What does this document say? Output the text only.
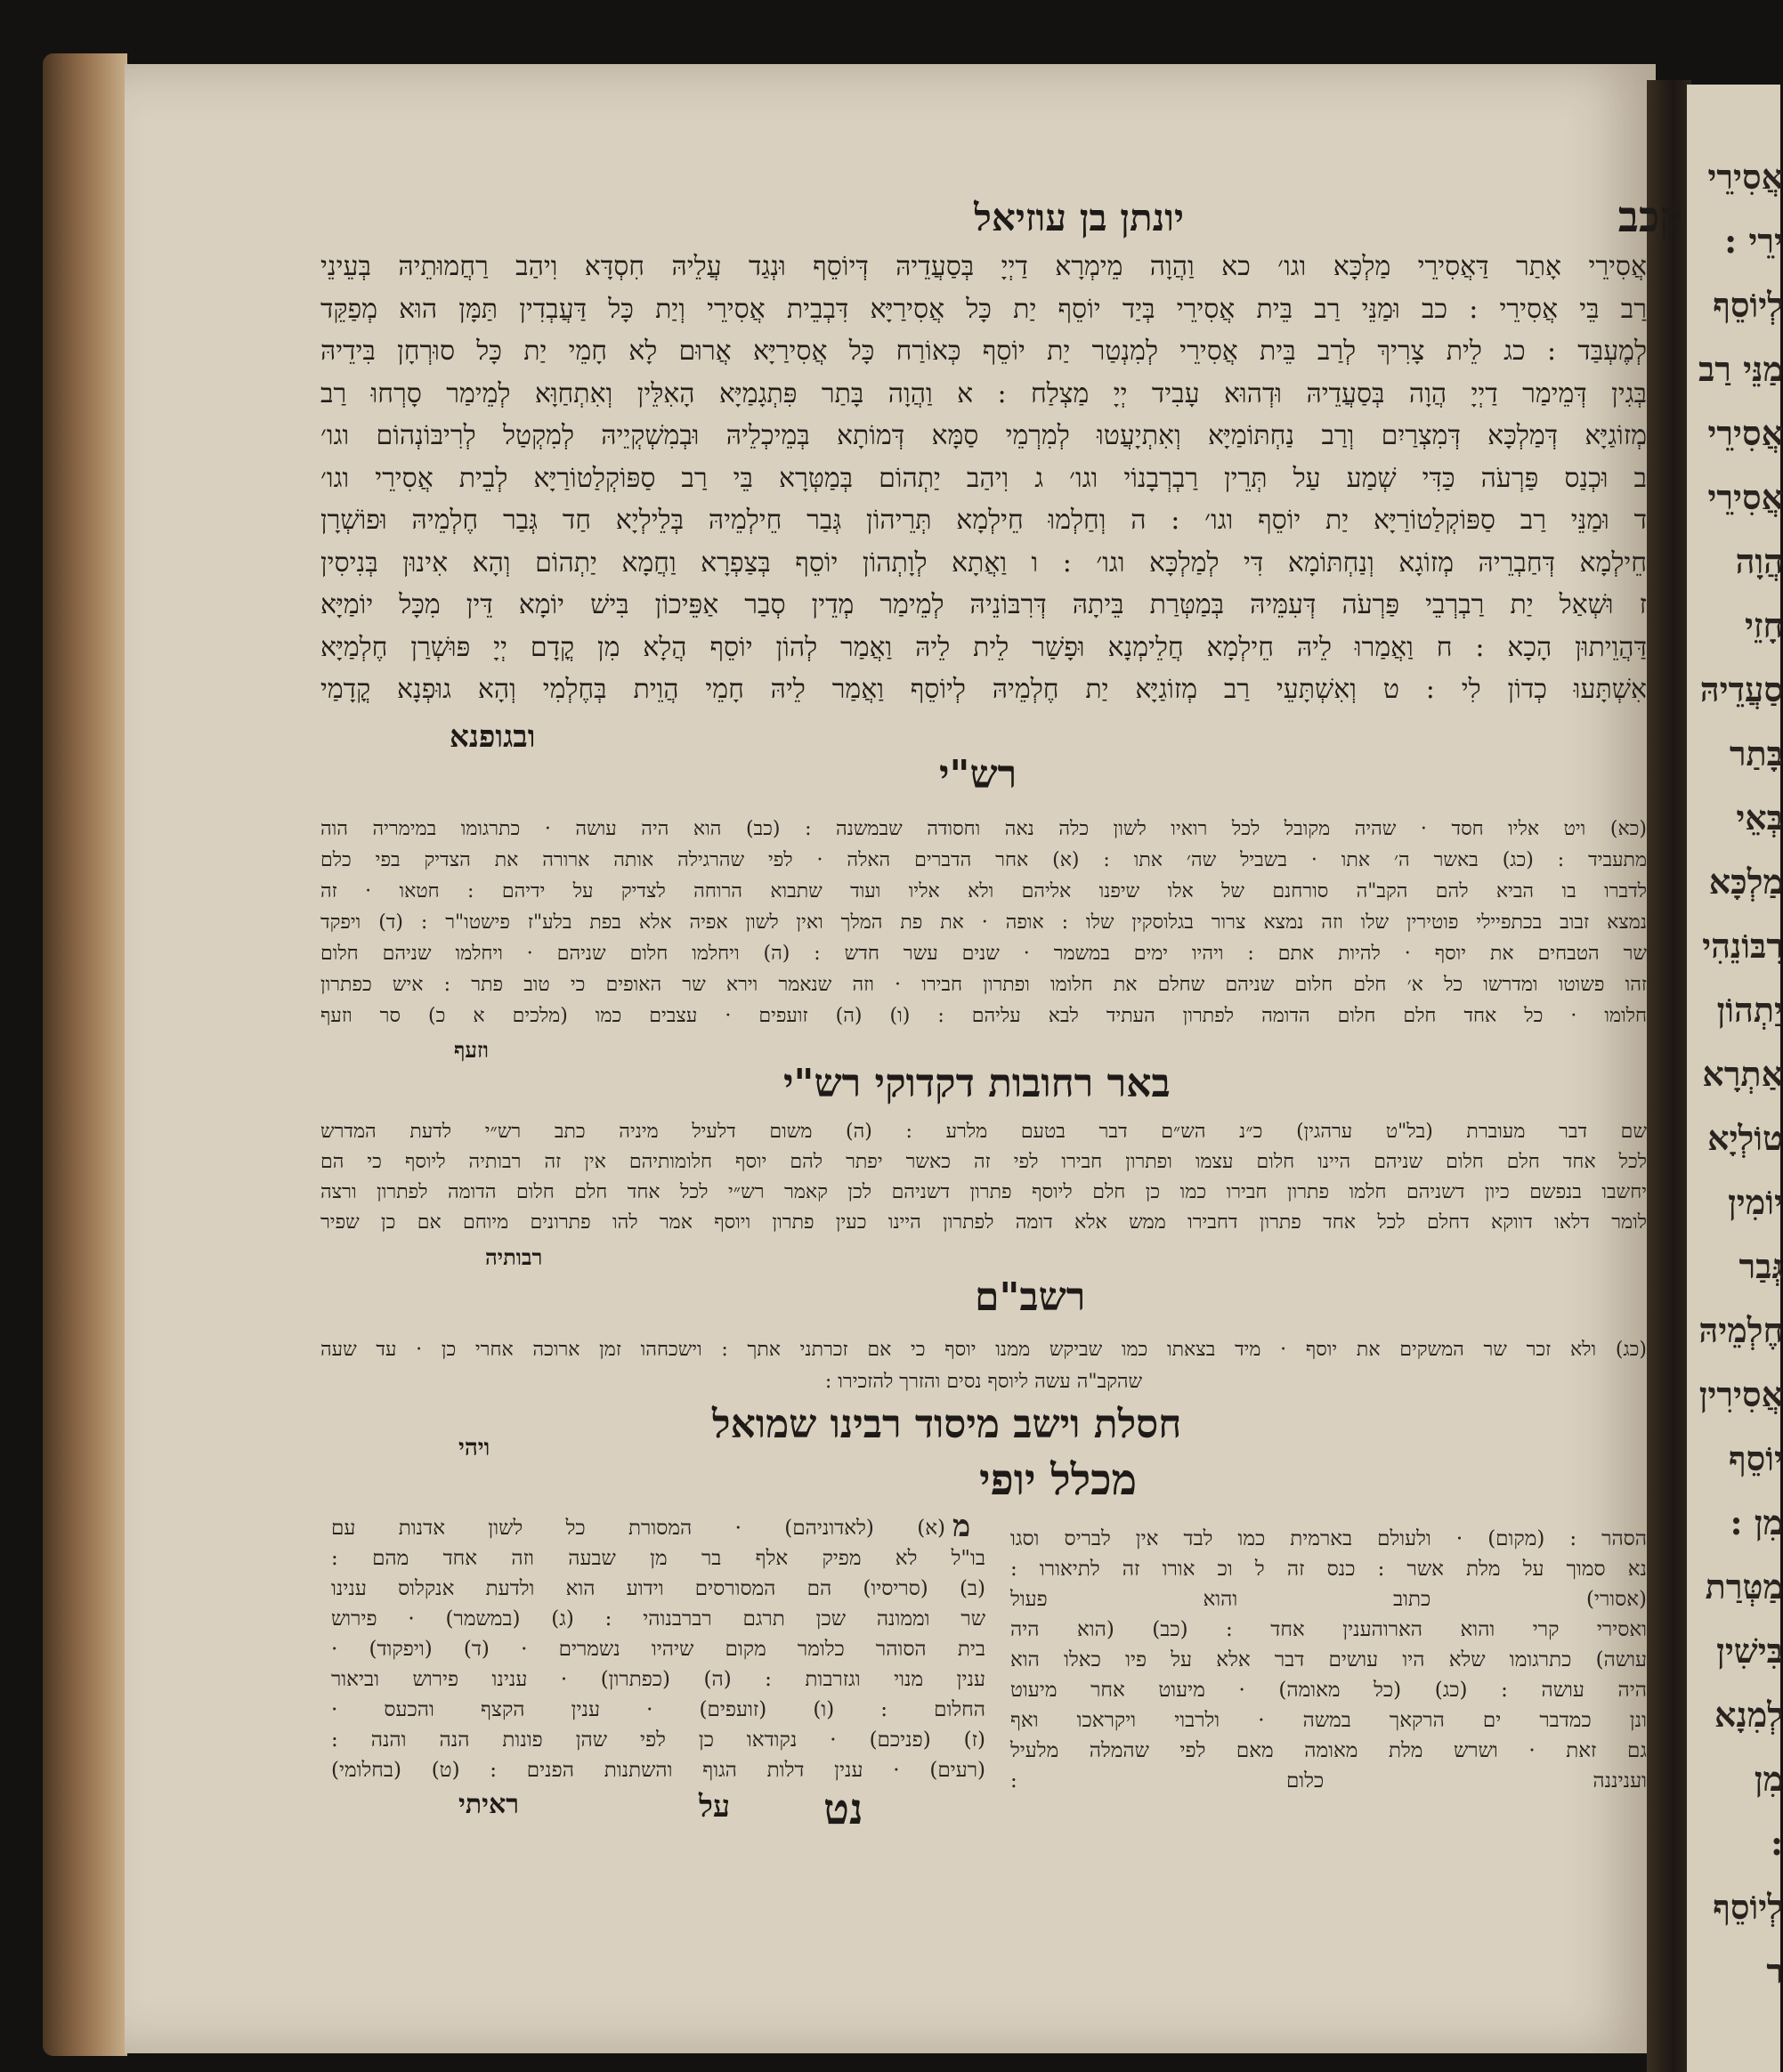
אֲסִירֵי
ירֵי :
לְיוֹסֵף
מַנֵּי רַב
אֲסִירֵי
אֲסִירֵי
הֲוָה
חָזֵי
סַעֲדֵיהּ
בָּתַר
בְּאֵי
מַלְכָּא
רִבּוֹנֵהִי
יַתְהוֹן
אַתְרָא
טוֹלְיָא
יוֹמִין
גְּבַר
חֶלְמֵיהּ
אֲסִירִין
יוֹסֵף
מִן :
מַטְּרַת
בִּישִׁין
לְמִנָא
מִן
:
לְיוֹסֵף
ר
יונתן בן עוזיאל	קכב
אֲסִירֵי אָתַר דַּאֲסִירֵי מַלְכָּא וגו׳ כא וַהֲוָה מֵימְרָא דַיְיָ בְּסַעֲדֵיהּ דְּיוֹסֵף וּנְגַד עֲלֵיהּ חִסְדָּא וִיהַב רַחֲמוּתֵיהּ בְּעֵינֵי
רַב בֵּי אֲסִירֵי : כב וּמַנֵּי רַב בֵּית אֲסִירֵי בְּיַד יוֹסֵף יַת כָּל אֲסִירַיָּא דִּבְבֵית אֲסִירֵי וְיַת כָּל דַּעֲבְדִין תַּמָּן הוּא מְפַקֵּד
לְמֶעְבַּד : כג לֵית צָרִיךְ לְרַב בֵּית אֲסִירֵי לְמִנְטַר יַת יוֹסֵף כְּאוֹרַח כָּל אֲסִירַיָּא אֲרוּם לָא חָמֵי יַת כָּל סוּרְחָן בִּידֵיהּ
בְּגִין דְּמֵימַר דַיְיָ הֲוָה בְּסַעֲדֵיהּ וּדְהוּא עָבִיד יְיָ מַצְלַח : א וַהֲוָה בָּתַר פִּתְגָמַיָּא הָאִלֵּין וְאִתְחַוָּא לְמֵימַר סָרְחוּ רַב
מְזוֹגַיָּא דְּמַלְכָּא דְּמִצְרַיִם וְרַב נַחְתּוֹמַיָּא וְאִתְיָעֲטוּ לְמִרְמֵי סַמָּא דְּמוֹתָא בְּמֵיכְלֵיהּ וּבְמִשְׁקְיֵיהּ לְמִקְטַל לְרִיבּוֹנְהוֹם וגו׳
ב וּכְנַס פַּרְעֹה כַּדִּי שְׁמַע עַל תְּרֵין רַבְרְבָנוֹי וגו׳ ג וִיהַב יַתְהוֹם בְּמַטְּרָא בֵּי רַב סַפּוֹקְלַטוֹרַיָּא לְבֵית אֲסִירֵי וגו׳
ד וּמַנֵּי רַב סַפּוֹקְלַטוֹרַיָּא יַת יוֹסֵף וגו׳ : ה וְחַלְמוּ חֵילְמָא תְּרֵיהוֹן גְּבַר חֵילְמֵיהּ בְּלֵילְיָא חַד גְּבַר חֶלְמֵיהּ וּפוֹשְׁרָן
חֵילְמָא דְּחַבְרֵיהּ מְזוֹגָא וְנַחְתּוֹמָא דִּי לְמַלְכָּא וגו׳ : ו וַאֲתָא לְוָתְהוֹן יוֹסֵף בְּצַפְרָא וַחֲמָא יַתְהוֹם וְהָא אִינוּן בְּנִיסִין
ז וּשְׁאַל יַת רַבְרְבֵי פַּרְעֹה דְּעִמֵּיהּ בְּמַטְּרַת בֵּיתָהּ דְּרִבּוֹנֵיהּ לְמֵימַר מְדֵין סְבַר אַפֵּיכוֹן בִּישׁ יוֹמָא דֵּין מִכָּל יוֹמַיָּא
דַּהֲוֵיתוּן הָכָא : ח וַאֲמַרוּ לֵיהּ חֵילְמָא חֲלֵימְנָא וּפָשַׁר לֵית לֵיהּ וַאֲמַר לְהוֹן יוֹסֵף הֲלָא מִן קֳדָם יְיָ פּוּשְׁרַן חֶלְמַיָּא
אִשְׁתָּעוּ כְדוֹן לִי : ט וְאִשְׁתָּעֵי רַב מְזוֹגַיָּא יַת חֶלְמֵיהּ לְיוֹסֵף וַאֲמַר לֵיהּ חָמֵי הֲוֵית בְּחֶלְמִי וְהָא גוּפְנָא קֳדָמַי
ובגופנא
רש"י
(כא) ויט אליו חסד · שהיה מקובל לכל רואיו לשון כלה נאה וחסודה שבמשנה : (כב) הוא היה עושה · כתרגומו במימריה הוה
מתעביד : (כג) באשר ה׳ אתו · בשביל שה׳ אתו : (א) אחר הדברים האלה · לפי שהרגילה אותה ארורה את הצדיק בפי כלם
לדברו בו הביא להם הקב"ה סורחנם של אלו שיפנו אליהם ולא אליו ועוד שתבוא הרוחה לצדיק על ידיהם : חטאו · זה
נמצא זבוב בכתפיילי פוטירין שלו וזה נמצא צרור בגלוסקין שלו : אופה · את פת המלך ואין לשון אפיה אלא בפת בלע"ז פישטו"ר : (ד) ויפקד
שר הטבחים את יוסף · להיות אתם : ויהיו ימים במשמר · שנים עשר חדש : (ה) ויחלמו חלום שניהם · ויחלמו שניהם חלום
זהו פשוטו ומדרשו כל א׳ חלם חלום שניהם שחלם את חלומו ופתרון חבירו · וזה שנאמר וירא שר האופים כי טוב פתר : איש כפתרון
חלומו · כל אחד חלם חלום הדומה לפתרון העתיד לבא עליהם : (ו) (ה) זועפים · עצבים כמו (מלכים א כ) סר וזעף
וזעף
באר רחובות דקדוקי רש"י
שם דבר מעוברת (בל"ט ערהגין) כ״נ הש״ם דבר בטעם מלרע : (ה) משום דלעיל מיניה כתב רש״י לדעת המדרש
לכל אחד חלם חלום שניהם היינו חלום עצמו ופתרון חבירו לפי זה כאשר יפתר להם יוסף חלומותיהם אין זה רבותיה ליוסף כי הם
יחשבו בנפשם כיון דשניהם חלמו פתרון חבירו כמו כן חלם ליוסף פתרון דשניהם לכן קאמר רש״י לכל אחד חלם חלום הדומה לפתרון ורצה
לומר דלאו דווקא דחלם לכל אחד פתרון דחבירו ממש אלא דומה לפתרון היינו כעין פתרון ויוסף אמר להו פתרונים מיוחם אם כן שפיר
רבותיה
רשב"ם
(כג) ולא זכר שר המשקים את יוסף · מיד בצאתו כמו שביקש ממנו יוסף כי אם זכרתני אתך : וישכחהו זמן ארוכה אחרי כן · עד שעה
שהקב"ה עשה ליוסף נסים והזרך להזכירו :
חסלת וישב מיסוד רבינו שמואל
ויהי
מכלל יופי
מ הסהר : (מקום) · ולעולם בארמית כמו לבד אין לבריס וסגו
נא סמוך על מלת אשר : כנס זה ל וכ אורו זה לתיאורו :
(אסורי) כתוב והוא פעול
ואסירי קרי והוא הארוהענין אחד : (כב) (הוא היה
עושה) כתרגומו שלא היו עושים דבר אלא על פיו כאלו הוא
היה עושה : (כג) (כל מאומה) · מיעוט אחר מיעוט
ונן כמדבר ים הרקאך במשה · ולרבוי ויקראכו ואף
גם זאת · ושרש מלת מאומה מאם לפי שהמלה מלעיל
ועניננה כלום :
(א) (לאדוניהם) · המסורת כל לשון אדנות עם
בו"ל לא מפיק אלף בר מן שבעה וזה אחד מהם :
(ב) (סריסיו) הם המסורסים וידוע הוא ולדעת אנקלוס ענינו
שר וממונה שכן תרגם רברבנוהי : (ג) (במשמר) · פירוש
בית הסוהר כלומר מקום שיהיו נשמרים · (ד) (ויפקוד) ·
ענין מנוי וגזרבות : (ה) (כפתרון) · ענינו פירוש וביאור
החלום : (ו) (זועפים) · ענין הקצף והכעס ·
(ז) (פניכם) · נקודאו כן לפי שהן פונות הנה והנה :
(רעים) · ענין דלות הגוף והשתנות הפנים : (ט) (בחלומי)
נט
על
ראיתי
